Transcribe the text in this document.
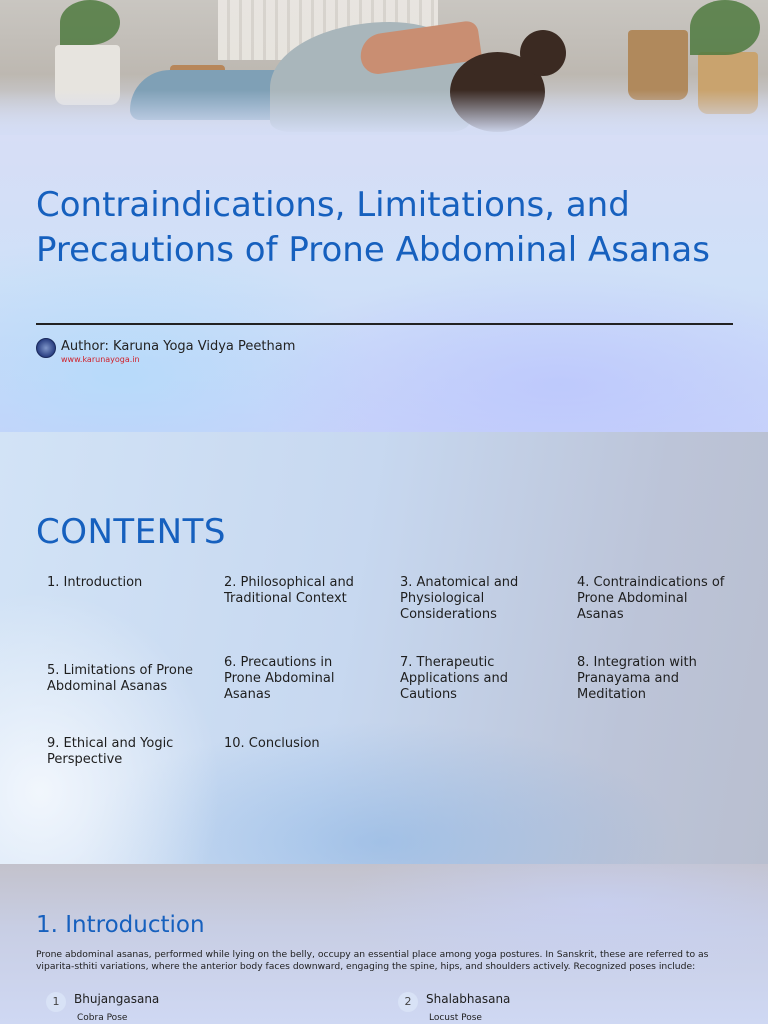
Contraindications, Limitations, and Precautions of Prone Abdominal Asanas
Author: Karuna Yoga Vidya Peetham
www.karunayoga.in
CONTENTS
1. Introduction	2. Philosophical and Traditional Context
3. Anatomical and Physiological Considerations
4. Contraindications of Prone Abdominal Asanas
5. Limitations of Prone Abdominal Asanas
6. Precautions in Prone Abdominal Asanas
7. Therapeutic Applications and Cautions
8. Integration with Pranayama and Meditation
9. Ethical and Yogic Perspective
10. Conclusion
1. Introduction

Prone abdominal asanas, performed while lying on the belly, occupy an essential place among yoga postures. In Sanskrit, these are referred to as viparita-sthiti variations, where the anterior body faces downward, engaging the spine, hips, and shoulders actively. Recognized poses include:

1	Bhujangasana
Cobra Pose
2	Shalabhasana
Locust Pose
